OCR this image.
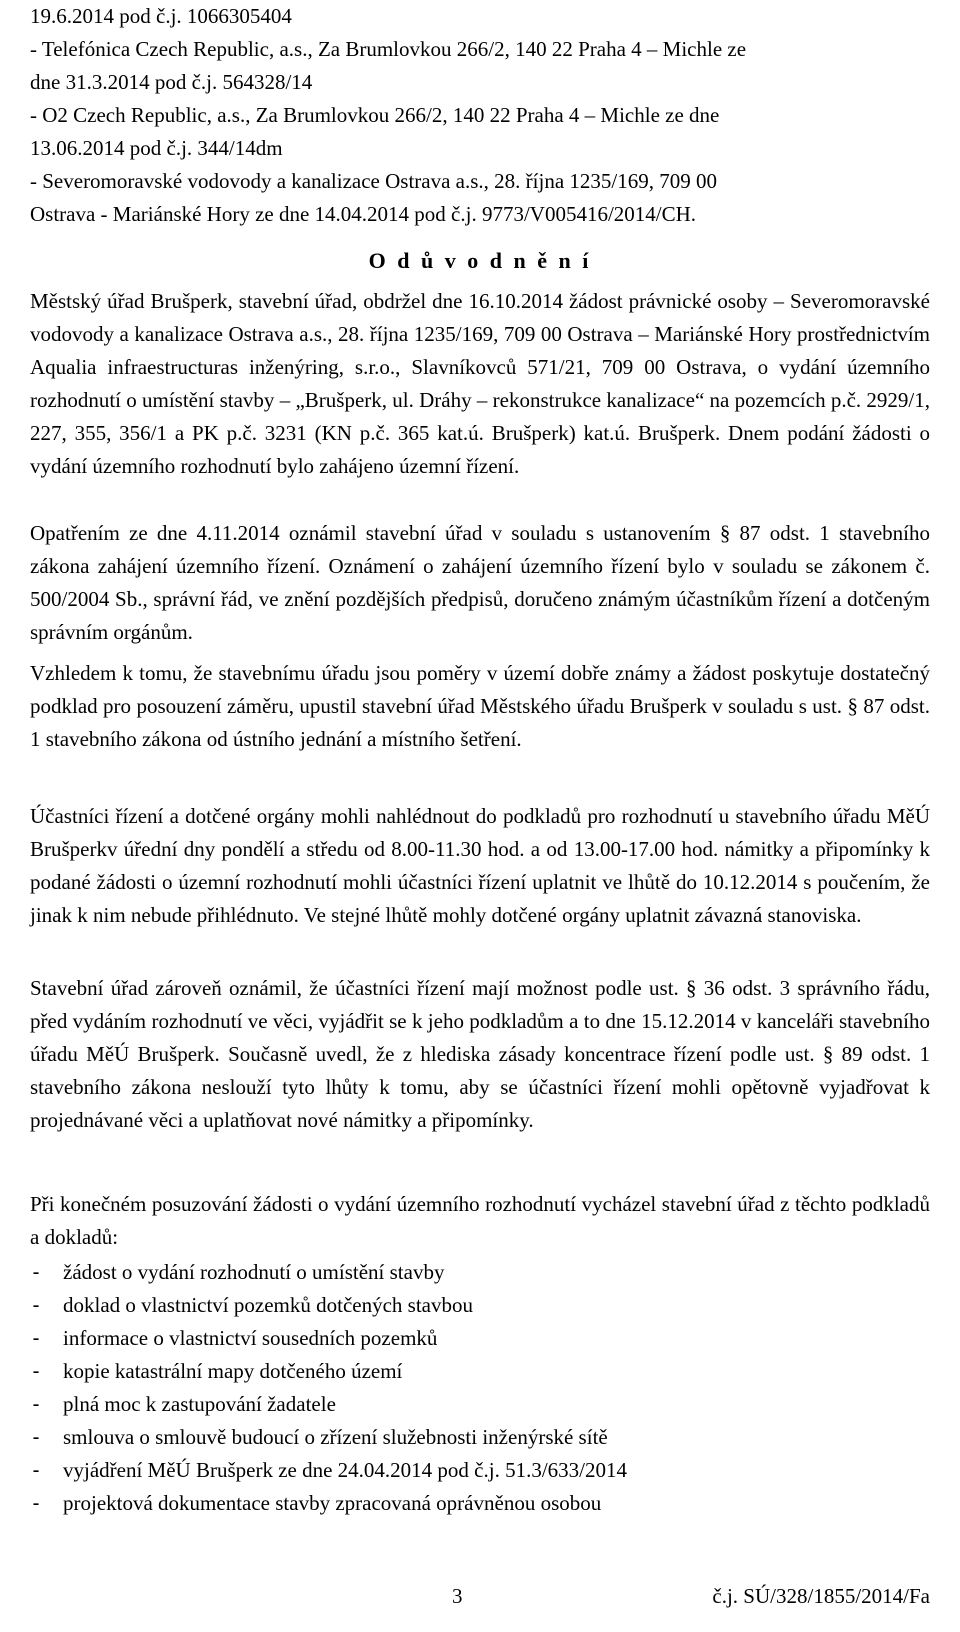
19.6.2014 pod č.j. 1066305404
- Telefónica Czech Republic, a.s., Za Brumlovkou 266/2, 140 22 Praha 4 – Michle ze
dne 31.3.2014 pod č.j. 564328/14
- O2 Czech Republic, a.s., Za Brumlovkou 266/2, 140 22 Praha 4 – Michle ze dne
13.06.2014 pod č.j. 344/14dm
- Severomoravské vodovody a kanalizace Ostrava a.s., 28. října 1235/169, 709 00
Ostrava - Mariánské Hory ze dne 14.04.2014 pod č.j. 9773/V005416/2014/CH.
O d ů v o d n ě n í
Městský úřad Brušperk, stavební úřad, obdržel dne 16.10.2014 žádost právnické osoby – Severomoravské vodovody a kanalizace Ostrava a.s., 28. října 1235/169, 709 00 Ostrava – Mariánské Hory prostřednictvím Aqualia infraestructuras inženýring, s.r.o., Slavníkovců 571/21, 709 00 Ostrava, o vydání územního rozhodnutí o umístění stavby – „Brušperk, ul. Dráhy – rekonstrukce kanalizace“ na pozemcích p.č. 2929/1, 227, 355, 356/1 a PK p.č. 3231 (KN p.č. 365 kat.ú. Brušperk) kat.ú. Brušperk. Dnem podání žádosti o vydání územního rozhodnutí bylo zahájeno územní řízení.
Opatřením ze dne 4.11.2014 oznámil stavební úřad v souladu s ustanovením § 87 odst. 1 stavebního zákona zahájení územního řízení. Oznámení o zahájení územního řízení bylo v souladu se zákonem č. 500/2004 Sb., správní řád, ve znění pozdějších předpisů, doručeno známým účastníkům řízení a dotčeným správním orgánům.
Vzhledem k tomu, že stavebnímu úřadu jsou poměry v území dobře známy a žádost poskytuje dostatečný podklad pro posouzení záměru, upustil stavební úřad Městského úřadu Brušperk v souladu s ust. § 87 odst. 1 stavebního zákona od ústního jednání a místního šetření.
Účastníci řízení a dotčené orgány mohli nahlédnout do podkladů pro rozhodnutí u stavebního úřadu MěÚ Brušperkv úřední dny pondělí a středu od 8.00-11.30 hod. a od 13.00-17.00 hod. námitky a připomínky k podané žádosti o územní rozhodnutí mohli účastníci řízení uplatnit ve lhůtě do 10.12.2014 s poučením, že jinak k nim nebude přihlédnuto. Ve stejné lhůtě mohly dotčené orgány uplatnit závazná stanoviska.
Stavební úřad zároveň oznámil, že účastníci řízení mají možnost podle ust. § 36 odst. 3 správního řádu, před vydáním rozhodnutí ve věci, vyjádřit se k jeho podkladům a to dne 15.12.2014 v kanceláři stavebního úřadu MěÚ Brušperk. Současně uvedl, že z hlediska zásady koncentrace řízení podle ust. § 89 odst. 1 stavebního zákona neslouží tyto lhůty k tomu, aby se účastníci řízení mohli opětovně vyjadřovat k projednávané věci a uplatňovat nové námitky a připomínky.
Při konečném posuzování žádosti o vydání územního rozhodnutí vycházel stavební úřad z těchto podkladů a dokladů:
- žádost o vydání rozhodnutí o umístění stavby
- doklad o vlastnictví pozemků dotčených stavbou
- informace o vlastnictví sousedních pozemků
- kopie katastrální mapy dotčeného území
- plná moc k zastupování žadatele
- smlouva o smlouvě budoucí o zřízení služebnosti inženýrské sítě
- vyjádření MěÚ Brušperk ze dne 24.04.2014 pod č.j. 51.3/633/2014
- projektová dokumentace stavby zpracovaná oprávněnou osobou
3	č.j. SÚ/328/1855/2014/Fa
